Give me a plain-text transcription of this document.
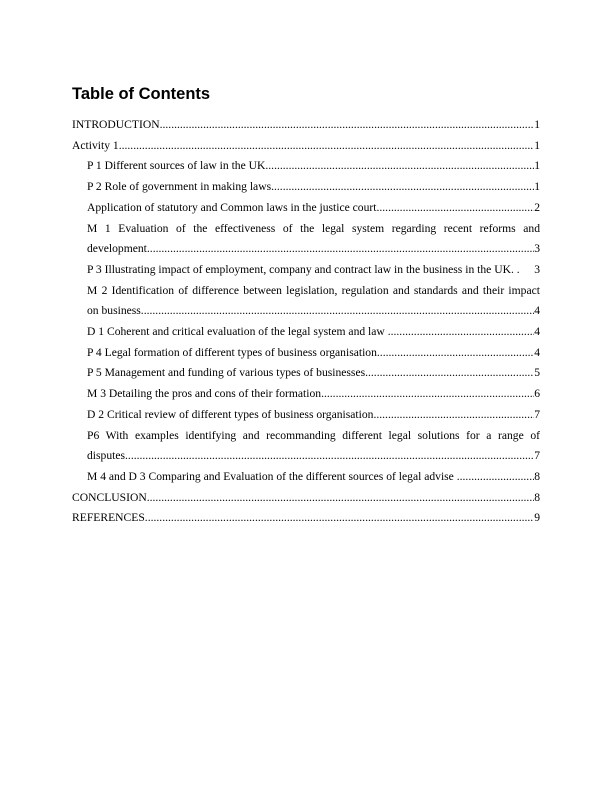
Table of Contents
INTRODUCTION .....	1
Activity 1 .....	1
P 1 Different sources of law in the UK .....	1
P 2 Role of government in making laws .....	1
Application of statutory and Common laws in the justice court .....	2
M 1 Evaluation of the effectiveness of the legal system regarding recent reforms and
development .....	3
P 3 Illustrating impact of employment, company and contract law in the business in the UK. .	3
M 2 Identification of difference between legislation, regulation and standards and their impact
on business .....	4
D 1 Coherent and critical evaluation of the legal system and law .....	4
P 4 Legal formation of different types of business organisation .....	4
P 5 Management and funding of various types of businesses .....	5
M 3 Detailing the pros and cons of their formation .....	6
D 2 Critical review of different types of business organisation .....	7
P6 With examples identifying and recommanding different legal solutions for a range of
disputes .....	7
M 4 and D 3 Comparing and Evaluation of the different sources of legal advise .....	8
CONCLUSION .....	8
REFERENCES .....	9
